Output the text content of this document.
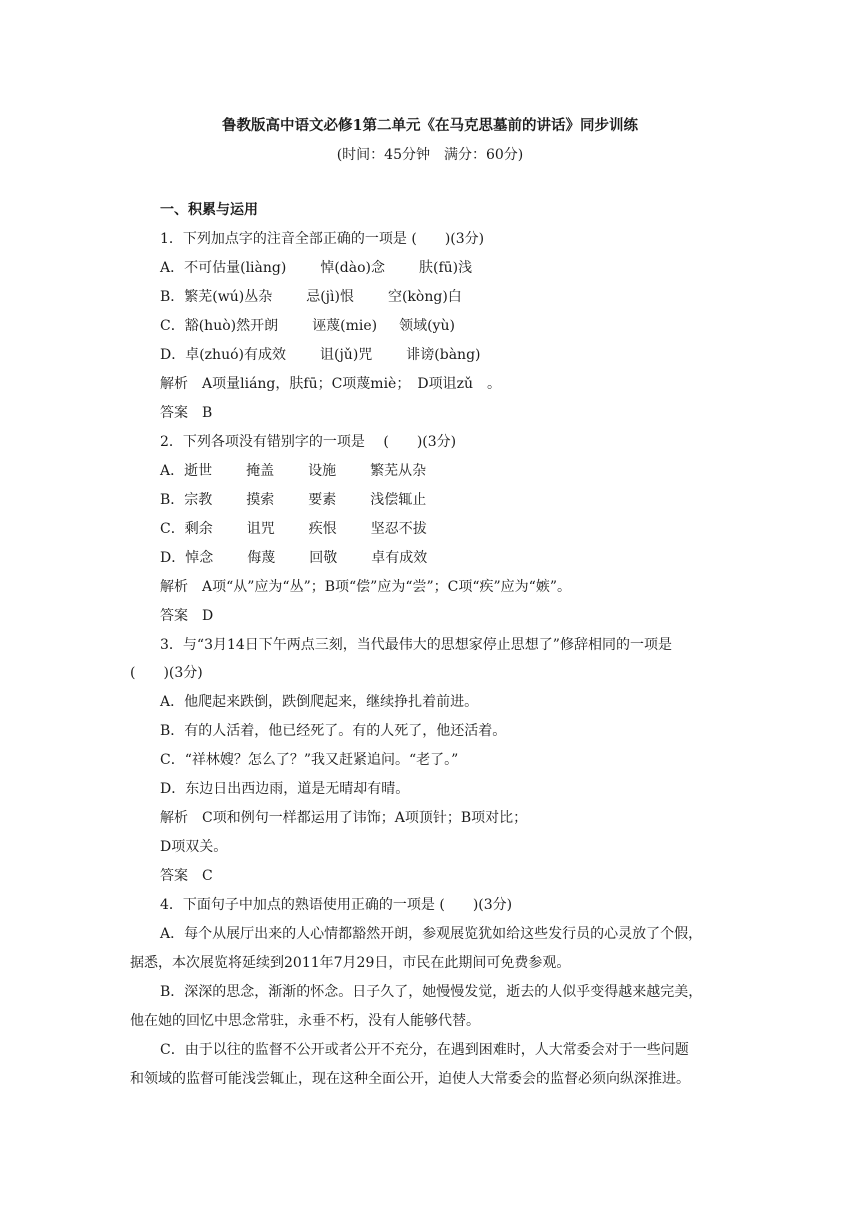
鲁教版高中语文必修1第二单元《在马克思墓前的讲话》同步训练
(时间：45分钟　满分：60分)
一、积累与运用
1．下列加点字的注音全部正确的一项是 (　　)(3分)
A．不可估量(liàng) 悼(dào)念 肤(fū)浅
B．繁芜(wú)丛杂 忌(jì)恨 空(kòng)白
C．豁(huò)然开朗 诬蔑(mie) 领域(yù)
D．卓(zhuó)有成效 诅(jǔ)咒 诽谤(bàng)
解析　A项量liáng，肤fū；C项蔑miè；　D项诅zǔ　。
答案　B
2．下列各项没有错别字的一项是　 (　　)(3分)
A．逝世 掩盖 设施 繁芜从杂
B．宗教 摸索 要素 浅偿辄止
C．剩余 诅咒 疾恨 坚忍不拔
D．悼念 侮蔑 回敬 卓有成效
解析　A项“从”应为“丛”；B项“偿”应为“尝”；C项“疾”应为“嫉”。
答案　D
3．与“3月14日下午两点三刻，当代最伟大的思想家停止思想了”修辞相同的一项是
(　　)(3分)
A．他爬起来跌倒，跌倒爬起来，继续挣扎着前进。
B．有的人活着，他已经死了。有的人死了，他还活着。
C．“祥林嫂？怎么了？”我又赶紧追问。“老了。”
D．东边日出西边雨，道是无晴却有晴。
解析　C项和例句一样都运用了讳饰；A项顶针；B项对比；
D项双关。
答案　C
4．下面句子中加点的熟语使用正确的一项是 (　　)(3分)
A．每个从展厅出来的人心情都豁然开朗，参观展览犹如给这些发行员的心灵放了个假，
据悉，本次展览将延续到2011年7月29日，市民在此期间可免费参观。
B．深深的思念，渐渐的怀念。日子久了，她慢慢发觉，逝去的人似乎变得越来越完美，
他在她的回忆中思念常驻，永垂不朽，没有人能够代替。
C．由于以往的监督不公开或者公开不充分，在遇到困难时，人大常委会对于一些问题
和领域的监督可能浅尝辄止，现在这种全面公开，迫使人大常委会的监督必须向纵深推进。
